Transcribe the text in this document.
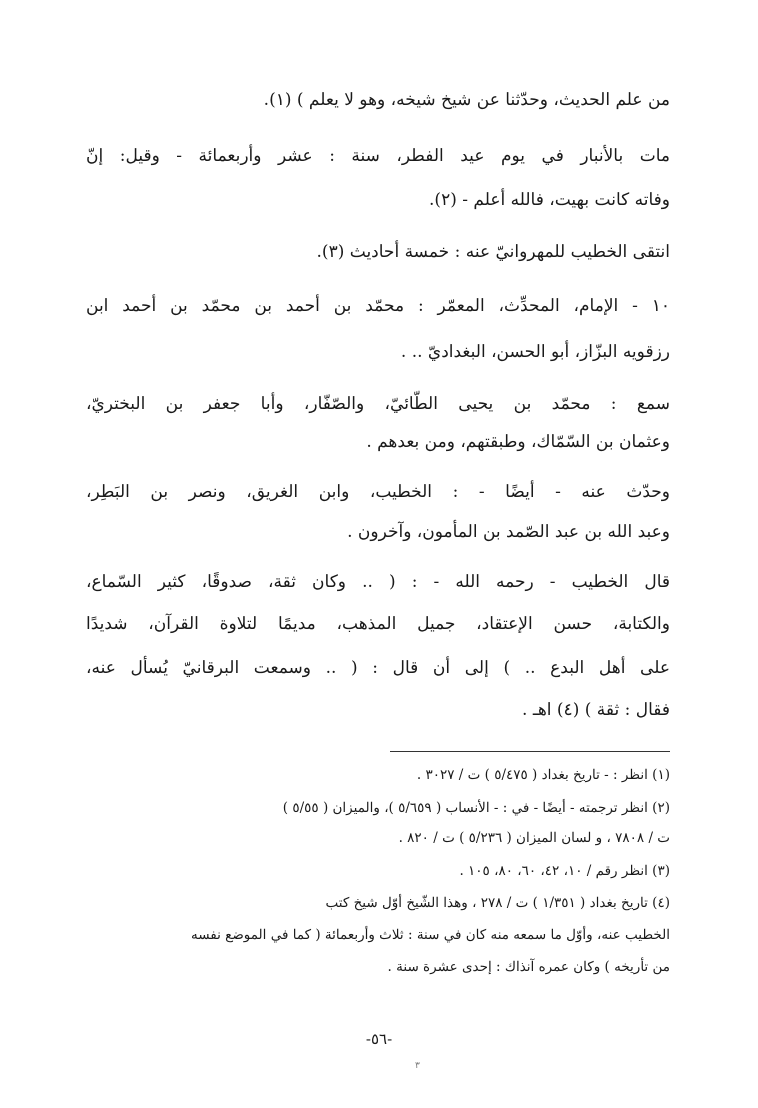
من علم الحديث، وحدّثنا عن شيخ شيخه، وهو لا يعلم ) (١).
مات بالأنبار في يوم عيد الفطر، سنة : عشر وأربعمائة - وقيل: إنّ
وفاته كانت بهيت، فالله أعلم - (٢).
انتقى الخطيب للمهروانيّ عنه : خمسة أحاديث (٣).
١٠ - الإمام، المحدِّث، المعمّر : محمّد بن أحمد بن محمّد بن أحمد ابن
رزقويه البزّاز، أبو الحسن، البغداديّ .. .
سمع : محمّد بن يحيى الطّائيّ، والصّفّار، وأبا جعفر بن البختريّ،
وعثمان بن السّمّاك، وطبقتهم، ومن بعدهم .
وحدّث عنه - أيضًا - : الخطيب، وابن الغريق، ونصر بن البَطِر،
وعبد الله بن عبد الصّمد بن المأمون، وآخرون .
قال الخطيب - رحمه الله - : ( .. وكان ثقة، صدوقًا، كثير السّماع،
والكتابة، حسن الإعتقاد، جميل المذهب، مديمًا لتلاوة القرآن، شديدًا
على أهل البدع .. ) إلى أن قال : ( .. وسمعت البرقانيّ يُسأل عنه،
فقال : ثقة ) (٤) اهـ .
(١) انظر : - تاريخ بغداد ( ٥/٤٧٥ ) ت / ٣٠٢٧ .
(٢) انظر ترجمته - أيضًا - في : - الأنساب ( ٥/٦٥٩ )، والميزان ( ٥/٥٥ )
ت / ٧٨٠٨ ، و لسان الميزان ( ٥/٢٣٦ ) ت / ٨٢٠ .
(٣) انظر رقم / ١٠، ٤٢، ٦٠، ٨٠، ١٠٥ .
(٤) تاريخ بغداد ( ١/٣٥١ ) ت / ٢٧٨ ، وهذا الشّيخ أوّل شيخ كتب
الخطيب عنه، وأوّل ما سمعه منه كان في سنة : ثلاث وأربعمائة ( كما في الموضع نفسه
من تأريخه ) وكان عمره آنذاك : إحدى عشرة سنة .
-٥٦-
٣
